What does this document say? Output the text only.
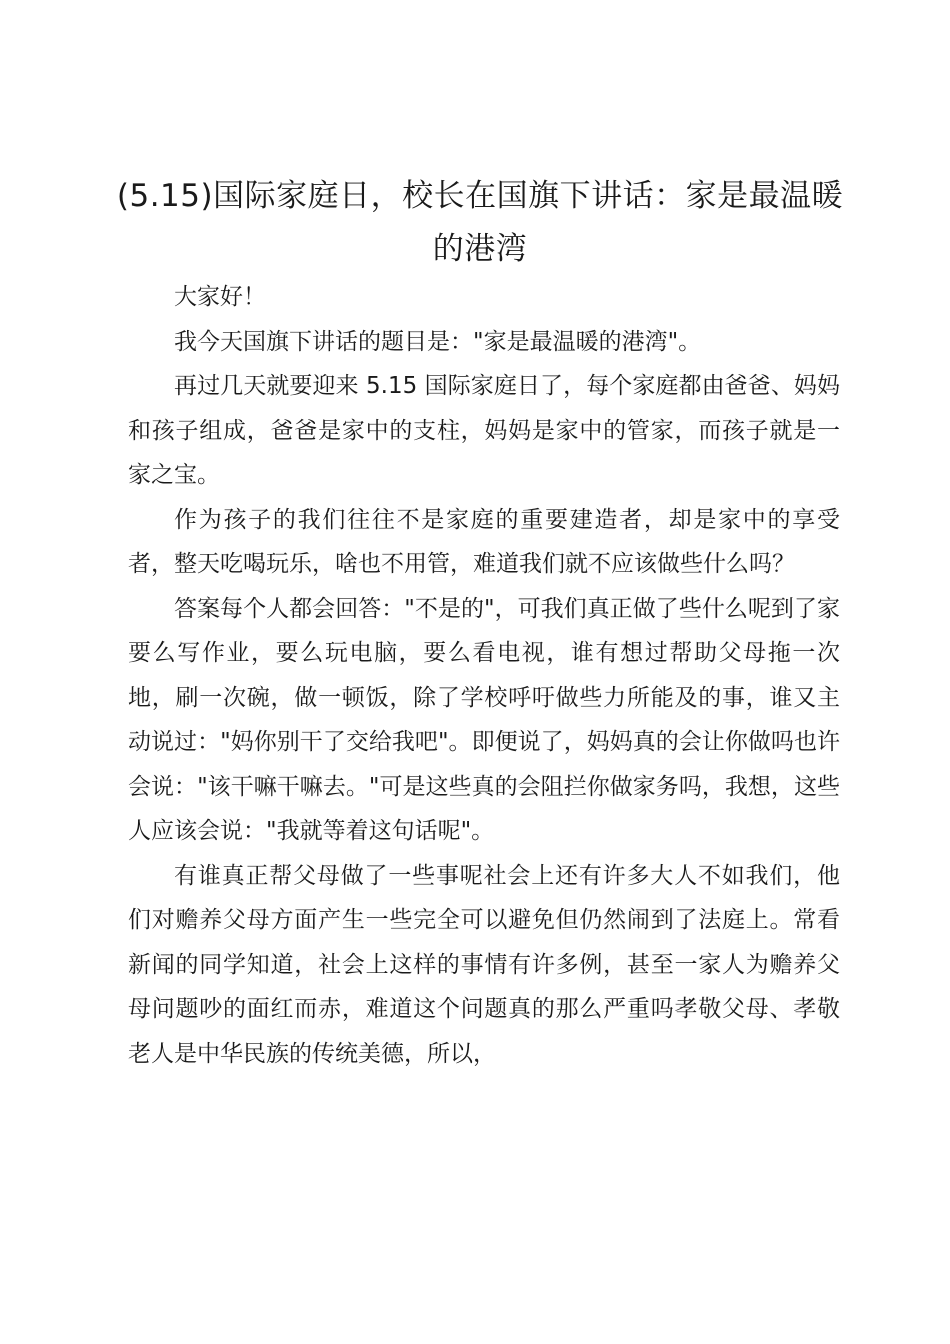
(5.15)国际家庭日，校长在国旗下讲话：家是最温暖的港湾

大家好！

我今天国旗下讲话的题目是："家是最温暖的港湾"。

再过几天就要迎来 5.15 国际家庭日了，每个家庭都由爸爸、妈妈和孩子组成，爸爸是家中的支柱，妈妈是家中的管家，而孩子就是一家之宝。

作为孩子的我们往往不是家庭的重要建造者，却是家中的享受者，整天吃喝玩乐，啥也不用管，难道我们就不应该做些什么吗？

答案每个人都会回答："不是的"，可我们真正做了些什么呢到了家要么写作业，要么玩电脑，要么看电视，谁有想过帮助父母拖一次地，刷一次碗，做一顿饭，除了学校呼吁做些力所能及的事，谁又主动说过："妈你别干了交给我吧"。即便说了，妈妈真的会让你做吗也许会说："该干嘛干嘛去。"可是这些真的会阻拦你做家务吗，我想，这些人应该会说："我就等着这句话呢"。

有谁真正帮父母做了一些事呢社会上还有许多大人不如我们，他们对赡养父母方面产生一些完全可以避免但仍然闹到了法庭上。常看新闻的同学知道，社会上这样的事情有许多例，甚至一家人为赡养父母问题吵的面红而赤，难道这个问题真的那么严重吗孝敬父母、孝敬老人是中华民族的传统美德，所以，
